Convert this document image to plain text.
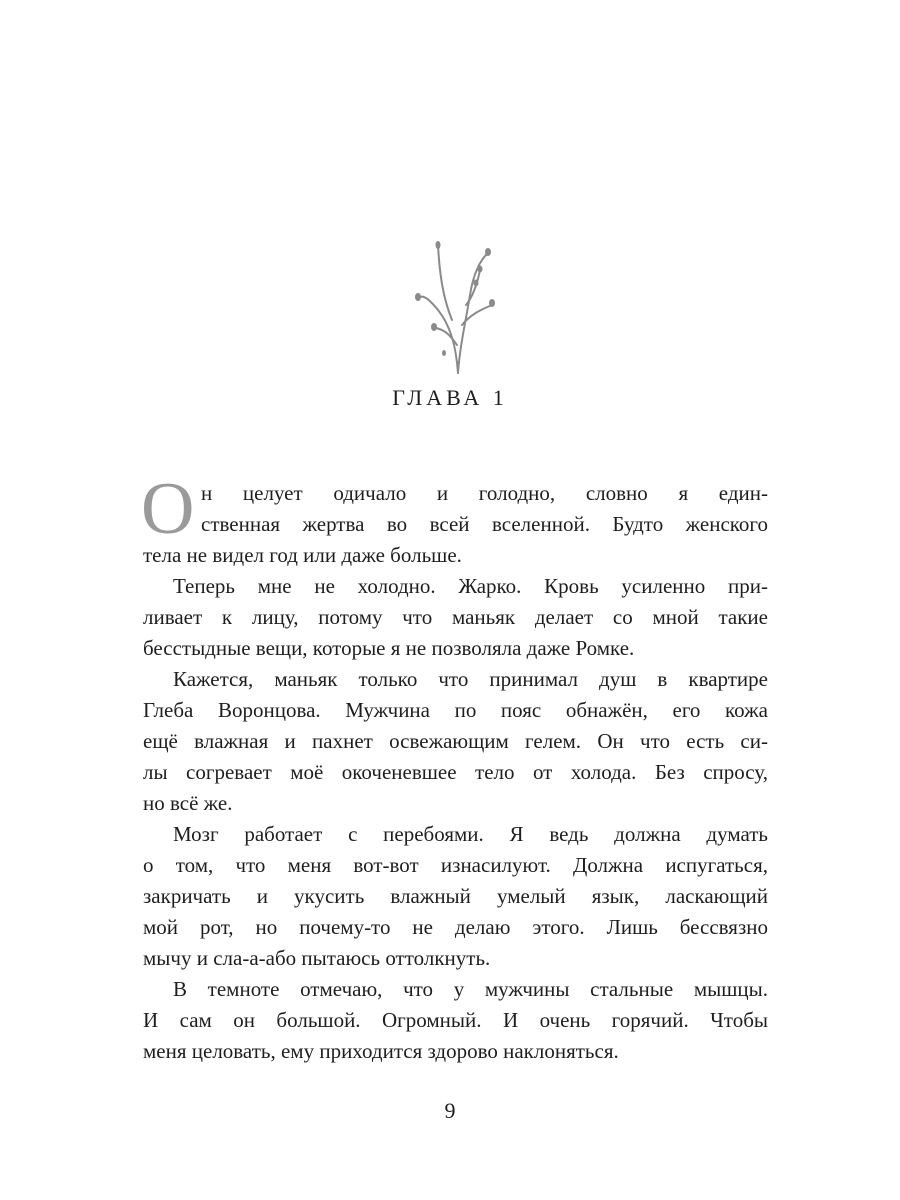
ГЛАВА 1
О н целует одичало и голодно, словно я един-
ственная жертва во всей вселенной. Будто женского
тела не видел год или даже больше.
Теперь мне не холодно. Жарко. Кровь усиленно при-
ливает к лицу, потому что маньяк делает со мной такие
бесстыдные вещи, которые я не позволяла даже Ромке.
Кажется, маньяк только что принимал душ в квартире
Глеба Воронцова. Мужчина по пояс обнажён, его кожа
ещё влажная и пахнет освежающим гелем. Он что есть си-
лы согревает моё окоченевшее тело от холода. Без спросу,
но всё же.
Мозг работает с перебоями. Я ведь должна думать
о том, что меня вот-вот изнасилуют. Должна испугаться,
закричать и укусить влажный умелый язык, ласкающий
мой рот, но почему-то не делаю этого. Лишь бессвязно
мычу и сла-а-або пытаюсь оттолкнуть.
В темноте отмечаю, что у мужчины стальные мышцы.
И сам он большой. Огромный. И очень горячий. Чтобы
меня целовать, ему приходится здорово наклоняться.
9
